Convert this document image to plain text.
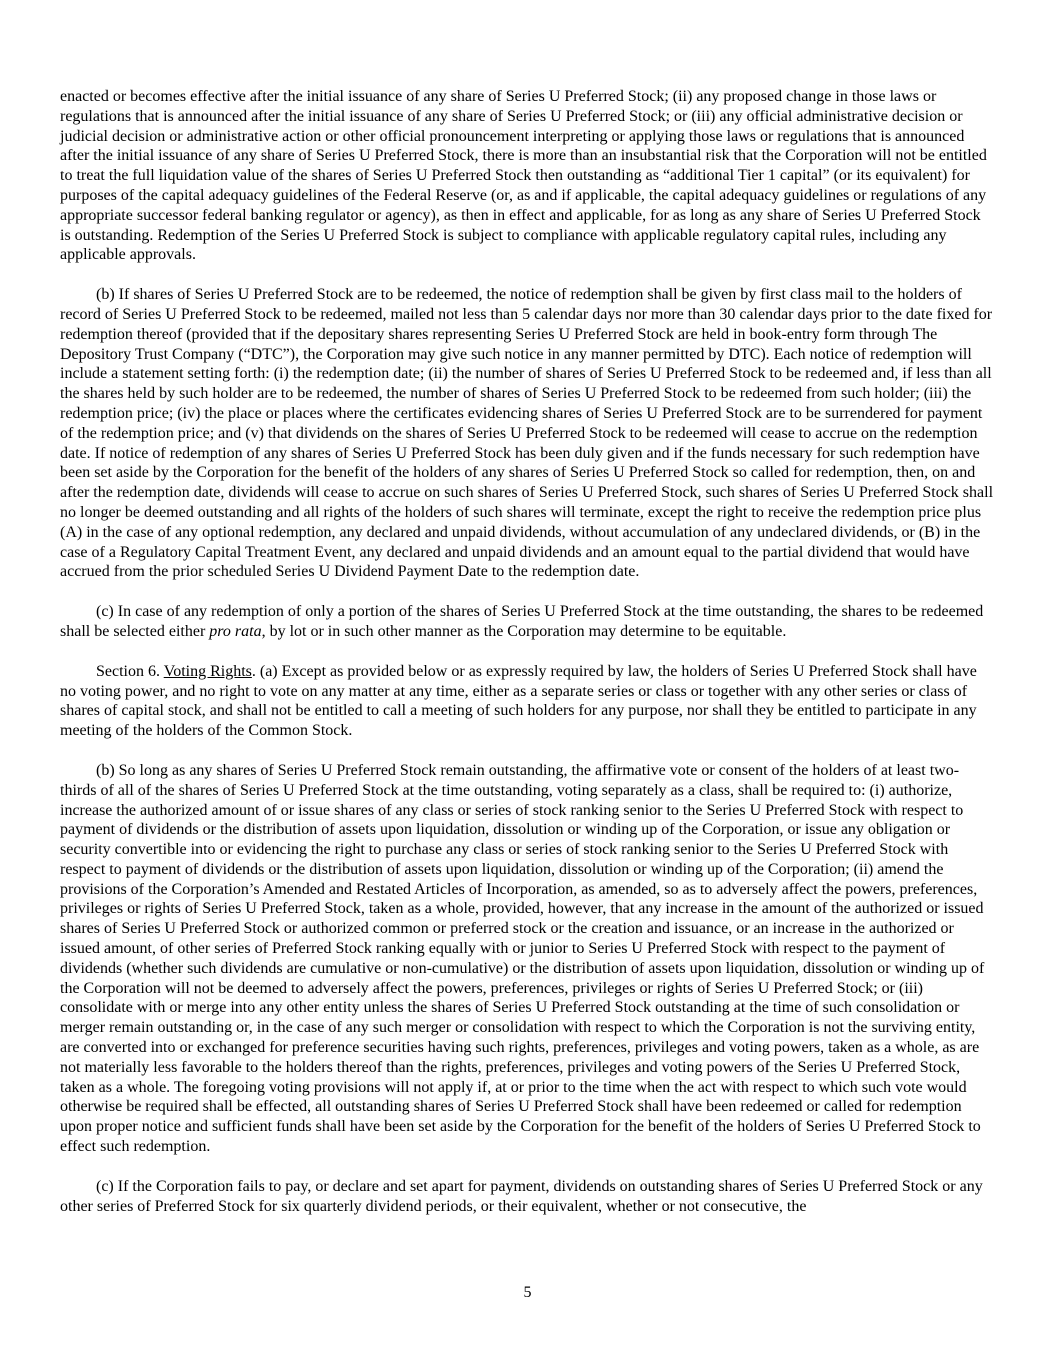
enacted or becomes effective after the initial issuance of any share of Series U Preferred Stock; (ii) any proposed change in those laws or regulations that is announced after the initial issuance of any share of Series U Preferred Stock; or (iii) any official administrative decision or judicial decision or administrative action or other official pronouncement interpreting or applying those laws or regulations that is announced after the initial issuance of any share of Series U Preferred Stock, there is more than an insubstantial risk that the Corporation will not be entitled to treat the full liquidation value of the shares of Series U Preferred Stock then outstanding as “additional Tier 1 capital” (or its equivalent) for purposes of the capital adequacy guidelines of the Federal Reserve (or, as and if applicable, the capital adequacy guidelines or regulations of any appropriate successor federal banking regulator or agency), as then in effect and applicable, for as long as any share of Series U Preferred Stock is outstanding. Redemption of the Series U Preferred Stock is subject to compliance with applicable regulatory capital rules, including any applicable approvals.

(b) If shares of Series U Preferred Stock are to be redeemed, the notice of redemption shall be given by first class mail to the holders of record of Series U Preferred Stock to be redeemed, mailed not less than 5 calendar days nor more than 30 calendar days prior to the date fixed for redemption thereof (provided that if the depositary shares representing Series U Preferred Stock are held in book-entry form through The Depository Trust Company (“DTC”), the Corporation may give such notice in any manner permitted by DTC). Each notice of redemption will include a statement setting forth: (i) the redemption date; (ii) the number of shares of Series U Preferred Stock to be redeemed and, if less than all the shares held by such holder are to be redeemed, the number of shares of Series U Preferred Stock to be redeemed from such holder; (iii) the redemption price; (iv) the place or places where the certificates evidencing shares of Series U Preferred Stock are to be surrendered for payment of the redemption price; and (v) that dividends on the shares of Series U Preferred Stock to be redeemed will cease to accrue on the redemption date. If notice of redemption of any shares of Series U Preferred Stock has been duly given and if the funds necessary for such redemption have been set aside by the Corporation for the benefit of the holders of any shares of Series U Preferred Stock so called for redemption, then, on and after the redemption date, dividends will cease to accrue on such shares of Series U Preferred Stock, such shares of Series U Preferred Stock shall no longer be deemed outstanding and all rights of the holders of such shares will terminate, except the right to receive the redemption price plus (A) in the case of any optional redemption, any declared and unpaid dividends, without accumulation of any undeclared dividends, or (B) in the case of a Regulatory Capital Treatment Event, any declared and unpaid dividends and an amount equal to the partial dividend that would have accrued from the prior scheduled Series U Dividend Payment Date to the redemption date.

(c) In case of any redemption of only a portion of the shares of Series U Preferred Stock at the time outstanding, the shares to be redeemed shall be selected either pro rata, by lot or in such other manner as the Corporation may determine to be equitable.

Section 6. Voting Rights. (a) Except as provided below or as expressly required by law, the holders of Series U Preferred Stock shall have no voting power, and no right to vote on any matter at any time, either as a separate series or class or together with any other series or class of shares of capital stock, and shall not be entitled to call a meeting of such holders for any purpose, nor shall they be entitled to participate in any meeting of the holders of the Common Stock.

(b) So long as any shares of Series U Preferred Stock remain outstanding, the affirmative vote or consent of the holders of at least two-thirds of all of the shares of Series U Preferred Stock at the time outstanding, voting separately as a class, shall be required to: (i) authorize, increase the authorized amount of or issue shares of any class or series of stock ranking senior to the Series U Preferred Stock with respect to payment of dividends or the distribution of assets upon liquidation, dissolution or winding up of the Corporation, or issue any obligation or security convertible into or evidencing the right to purchase any class or series of stock ranking senior to the Series U Preferred Stock with respect to payment of dividends or the distribution of assets upon liquidation, dissolution or winding up of the Corporation; (ii) amend the provisions of the Corporation’s Amended and Restated Articles of Incorporation, as amended, so as to adversely affect the powers, preferences, privileges or rights of Series U Preferred Stock, taken as a whole, provided, however, that any increase in the amount of the authorized or issued shares of Series U Preferred Stock or authorized common or preferred stock or the creation and issuance, or an increase in the authorized or issued amount, of other series of Preferred Stock ranking equally with or junior to Series U Preferred Stock with respect to the payment of dividends (whether such dividends are cumulative or non-cumulative) or the distribution of assets upon liquidation, dissolution or winding up of the Corporation will not be deemed to adversely affect the powers, preferences, privileges or rights of Series U Preferred Stock; or (iii) consolidate with or merge into any other entity unless the shares of Series U Preferred Stock outstanding at the time of such consolidation or merger remain outstanding or, in the case of any such merger or consolidation with respect to which the Corporation is not the surviving entity, are converted into or exchanged for preference securities having such rights, preferences, privileges and voting powers, taken as a whole, as are not materially less favorable to the holders thereof than the rights, preferences, privileges and voting powers of the Series U Preferred Stock, taken as a whole. The foregoing voting provisions will not apply if, at or prior to the time when the act with respect to which such vote would otherwise be required shall be effected, all outstanding shares of Series U Preferred Stock shall have been redeemed or called for redemption upon proper notice and sufficient funds shall have been set aside by the Corporation for the benefit of the holders of Series U Preferred Stock to effect such redemption.

(c) If the Corporation fails to pay, or declare and set apart for payment, dividends on outstanding shares of Series U Preferred Stock or any other series of Preferred Stock for six quarterly dividend periods, or their equivalent, whether or not consecutive, the

5
